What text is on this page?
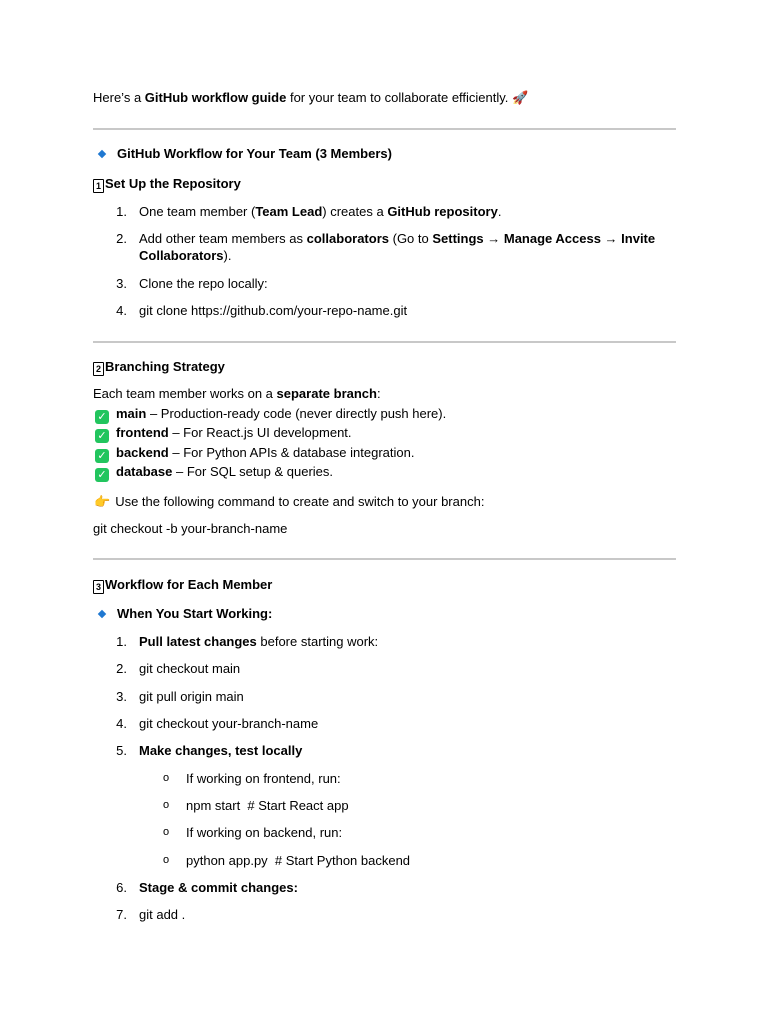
Here’s a GitHub workflow guide for your team to collaborate efficiently. 🚀
GitHub Workflow for Your Team (3 Members)
1 Set Up the Repository
1. One team member (Team Lead) creates a GitHub repository.
2. Add other team members as collaborators (Go to Settings → Manage Access → Invite
Collaborators).
3. Clone the repo locally:
4. git clone https://github.com/your-repo-name.git
2 Branching Strategy
Each team member works on a separate branch:
✓ main – Production-ready code (never directly push here).
✓ frontend – For React.js UI development.
✓ backend – For Python APIs & database integration.
✓ database – For SQL setup & queries.
👉 Use the following command to create and switch to your branch:
git checkout -b your-branch-name
3 Workflow for Each Member
When You Start Working:
1. Pull latest changes before starting work:
2. git checkout main
3. git pull origin main
4. git checkout your-branch-name
5. Make changes, test locally
o If working on frontend, run:
o npm start  # Start React app
o If working on backend, run:
o python app.py  # Start Python backend
6. Stage & commit changes:
7. git add .
